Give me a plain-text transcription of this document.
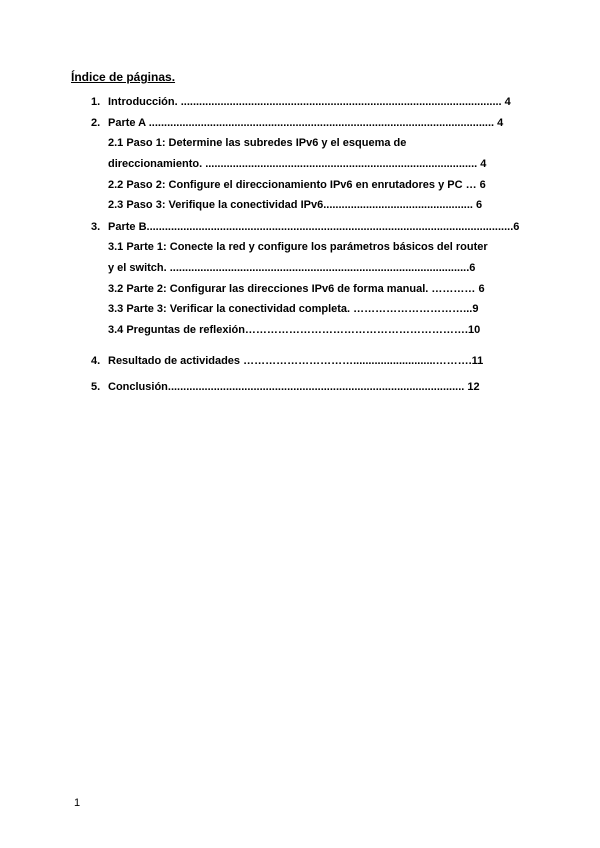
Índice de páginas.
1. Introducción. ......................................................................................................... 4
2. Parte A ................................................................................................................. 4
2.1 Paso 1: Determine las subredes IPv6 y el esquema de
direccionamiento. ......................................................................................... 4
2.2 Paso 2: Configure el direccionamiento IPv6 en enrutadores y PC … 6
2.3 Paso 3: Verifique la conectividad IPv6................................................. 6
3. Parte B........................................................................................................................6
3.1 Parte 1: Conecte la red y configure los parámetros básicos del router
y el switch. ..................................................................................................6
3.2 Parte 2: Configurar las direcciones IPv6 de forma manual. ………… 6
3.3 Parte 3: Verificar la conectividad completa. …………………………...9
3.4 Preguntas de reflexión…………………………………………………….10
4. Resultado de actividades …………………………...........................……….11
5. Conclusión................................................................................................. 12
1
